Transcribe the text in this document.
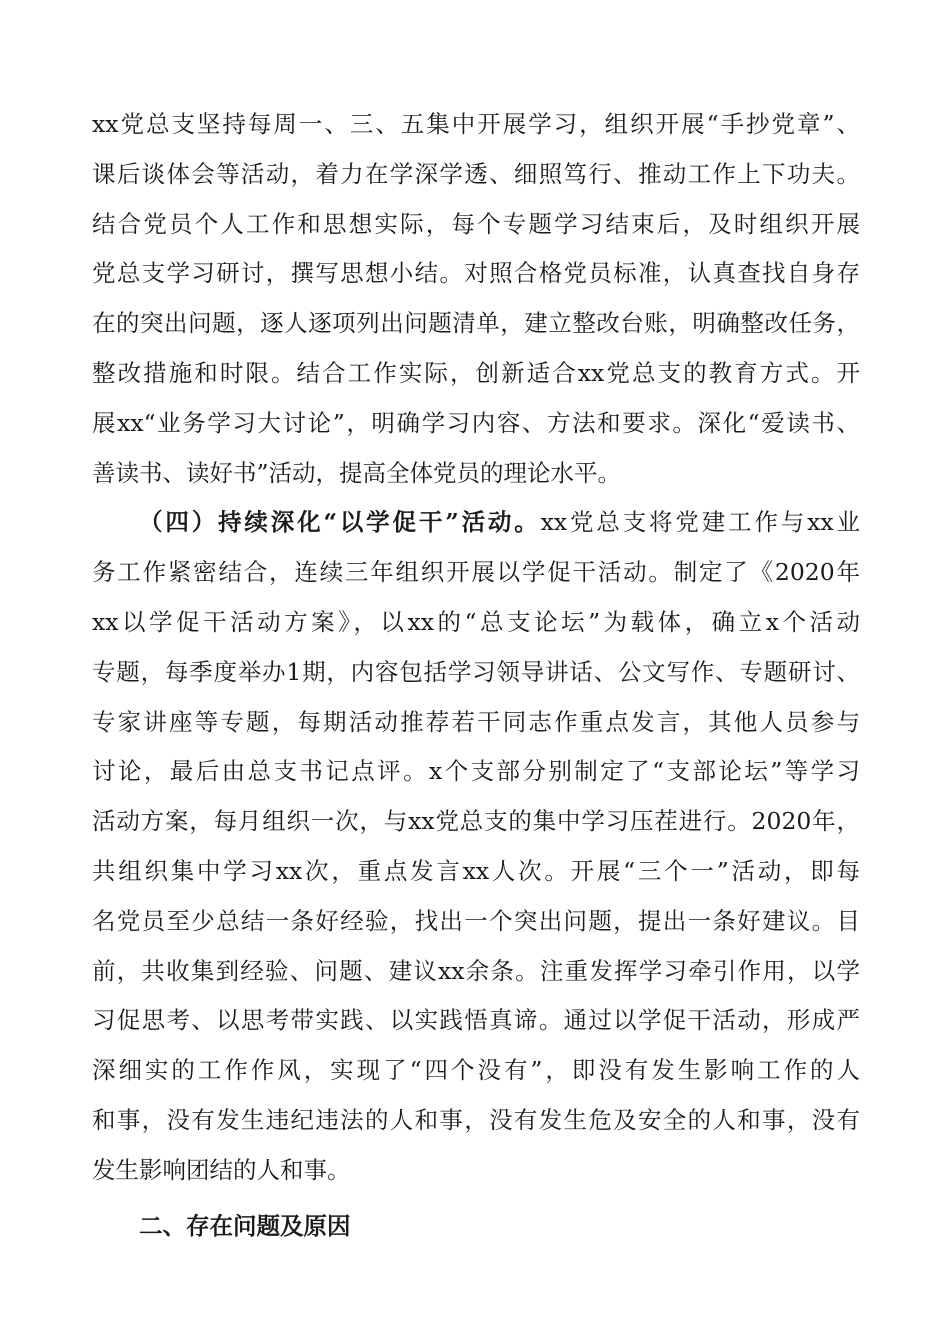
xx党总支坚持每周一、三、五集中开展学习，组织开展“手抄党章”、
课后谈体会等活动，着力在学深学透、细照笃行、推动工作上下功夫。
结合党员个人工作和思想实际，每个专题学习结束后，及时组织开展
党总支学习研讨，撰写思想小结。对照合格党员标准，认真查找自身存
在的突出问题，逐人逐项列出问题清单，建立整改台账，明确整改任务，
整改措施和时限。结合工作实际，创新适合xx党总支的教育方式。开
展xx“业务学习大讨论”，明确学习内容、方法和要求。深化“爱读书、
善读书、读好书”活动，提高全体党员的理论水平。
（四）持续深化“以学促干”活动。xx党总支将党建工作与xx业
务工作紧密结合，连续三年组织开展以学促干活动。制定了《2020年
xx以学促干活动方案》，以xx的“总支论坛”为载体，确立x个活动
专题，每季度举办1期，内容包括学习领导讲话、公文写作、专题研讨、
专家讲座等专题，每期活动推荐若干同志作重点发言，其他人员参与
讨论，最后由总支书记点评。x个支部分别制定了“支部论坛”等学习
活动方案，每月组织一次，与xx党总支的集中学习压茬进行。2020年，
共组织集中学习xx次，重点发言xx人次。开展“三个一”活动，即每
名党员至少总结一条好经验，找出一个突出问题，提出一条好建议。目
前，共收集到经验、问题、建议xx余条。注重发挥学习牵引作用，以学
习促思考、以思考带实践、以实践悟真谛。通过以学促干活动，形成严
深细实的工作作风，实现了“四个没有”，即没有发生影响工作的人
和事，没有发生违纪违法的人和事，没有发生危及安全的人和事，没有
发生影响团结的人和事。
二、存在问题及原因
